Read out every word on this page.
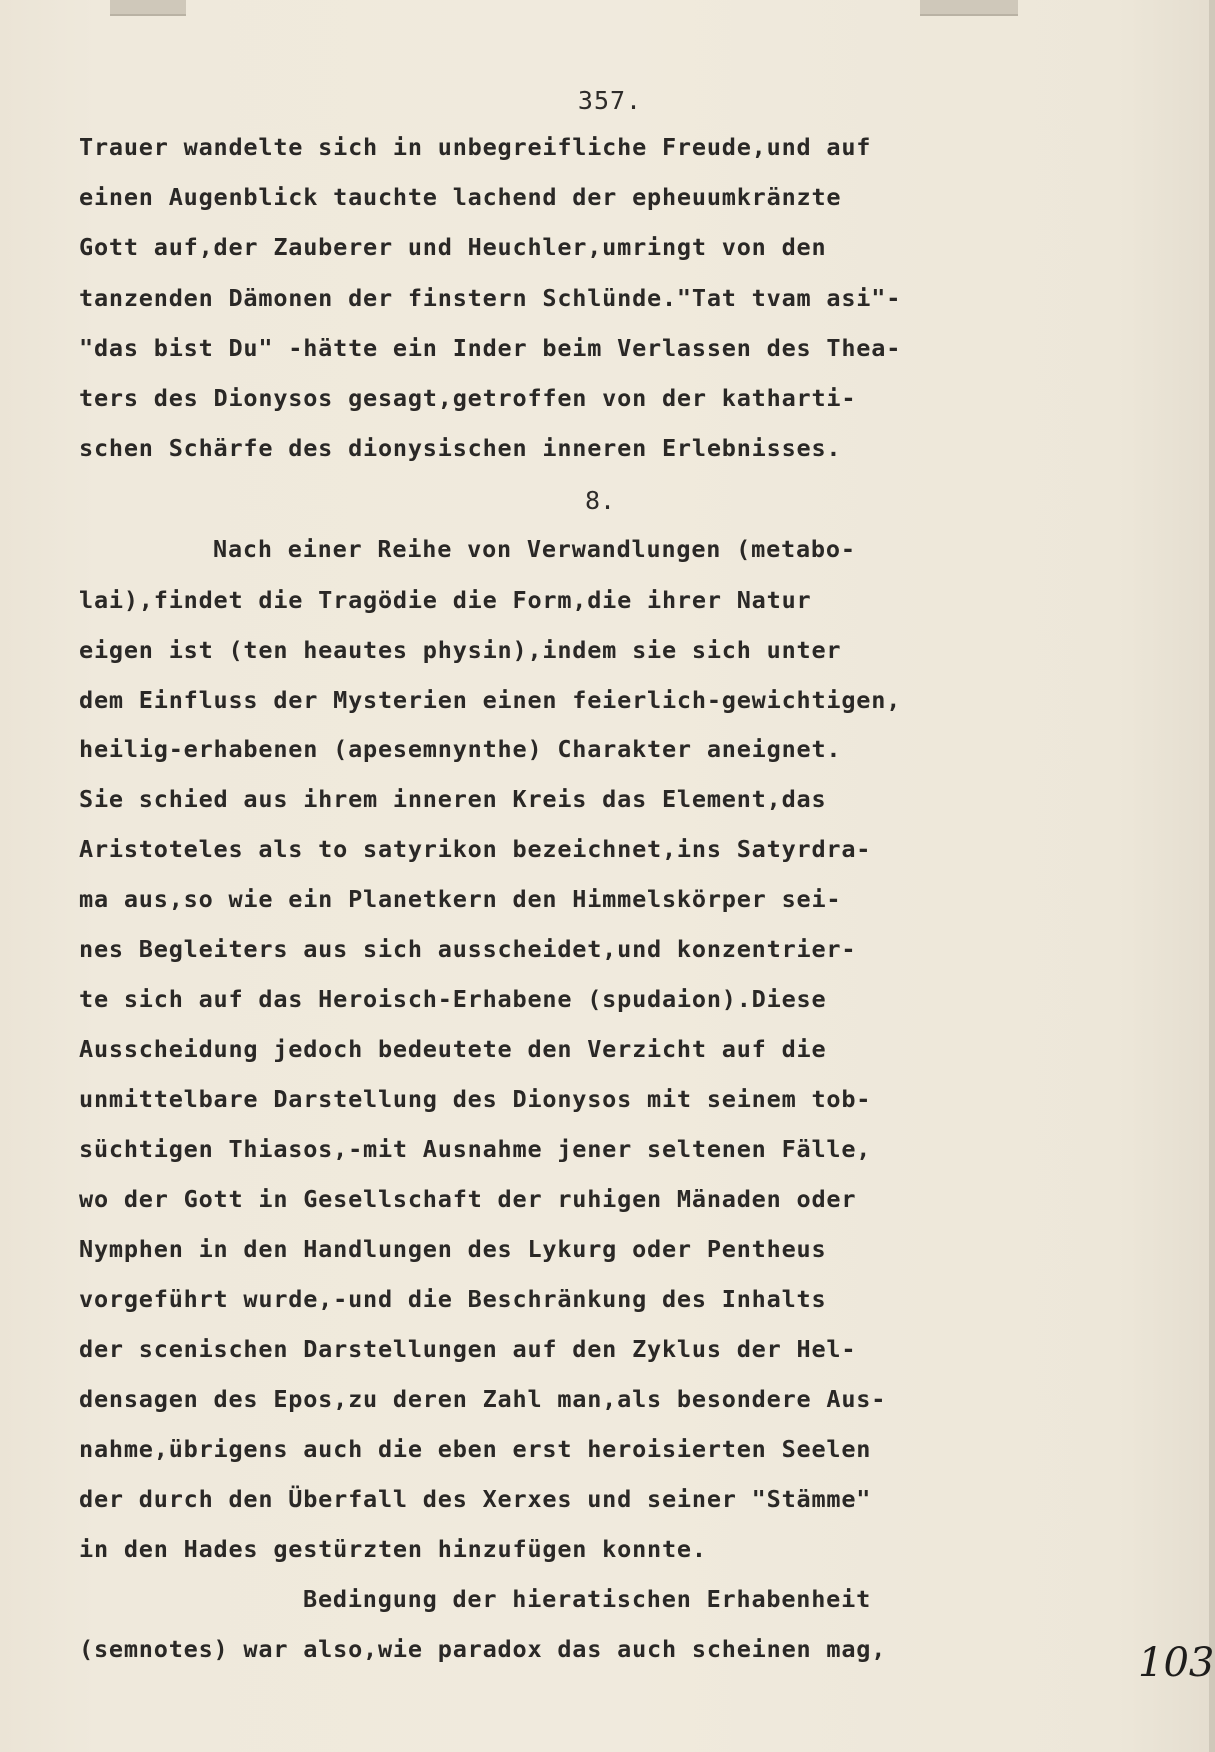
357.
Trauer wandelte sich in unbegreifliche Freude,und auf
einen Augenblick tauchte lachend der epheuumkränzte
Gott auf,der Zauberer und Heuchler,umringt von den
tanzenden Dämonen der finstern Schlünde."Tat tvam asi"-
"das bist Du" -hätte ein Inder beim Verlassen des Thea-
ters des Dionysos gesagt,getroffen von der katharti-
schen Schärfe des dionysischen inneren Erlebnisses.
8.
Nach einer Reihe von Verwandlungen (metabo-
lai),findet die Tragödie die Form,die ihrer Natur
eigen ist (ten heautes physin),indem sie sich unter
dem Einfluss der Mysterien einen feierlich-gewichtigen,
heilig-erhabenen (apesemnynthe) Charakter aneignet.
Sie schied aus ihrem inneren Kreis das Element,das
Aristoteles als to satyrikon bezeichnet,ins Satyrdra-
ma aus,so wie ein Planetkern den Himmelskörper sei-
nes Begleiters aus sich ausscheidet,und konzentrier-
te sich auf das Heroisch-Erhabene (spudaion).Diese
Ausscheidung jedoch bedeutete den Verzicht auf die
unmittelbare Darstellung des Dionysos mit seinem tob-
süchtigen Thiasos,-mit Ausnahme jener seltenen Fälle,
wo der Gott in Gesellschaft der ruhigen Mänaden oder
Nymphen in den Handlungen des Lykurg oder Pentheus
vorgeführt wurde,-und die Beschränkung des Inhalts
der scenischen Darstellungen auf den Zyklus der Hel-
densagen des Epos,zu deren Zahl man,als besondere Aus-
nahme,übrigens auch die eben erst heroisierten Seelen
der durch den Überfall des Xerxes und seiner "Stämme"
in den Hades gestürzten hinzufügen konnte.
Bedingung der hieratischen Erhabenheit
(semnotes) war also,wie paradox das auch scheinen mag,	103
